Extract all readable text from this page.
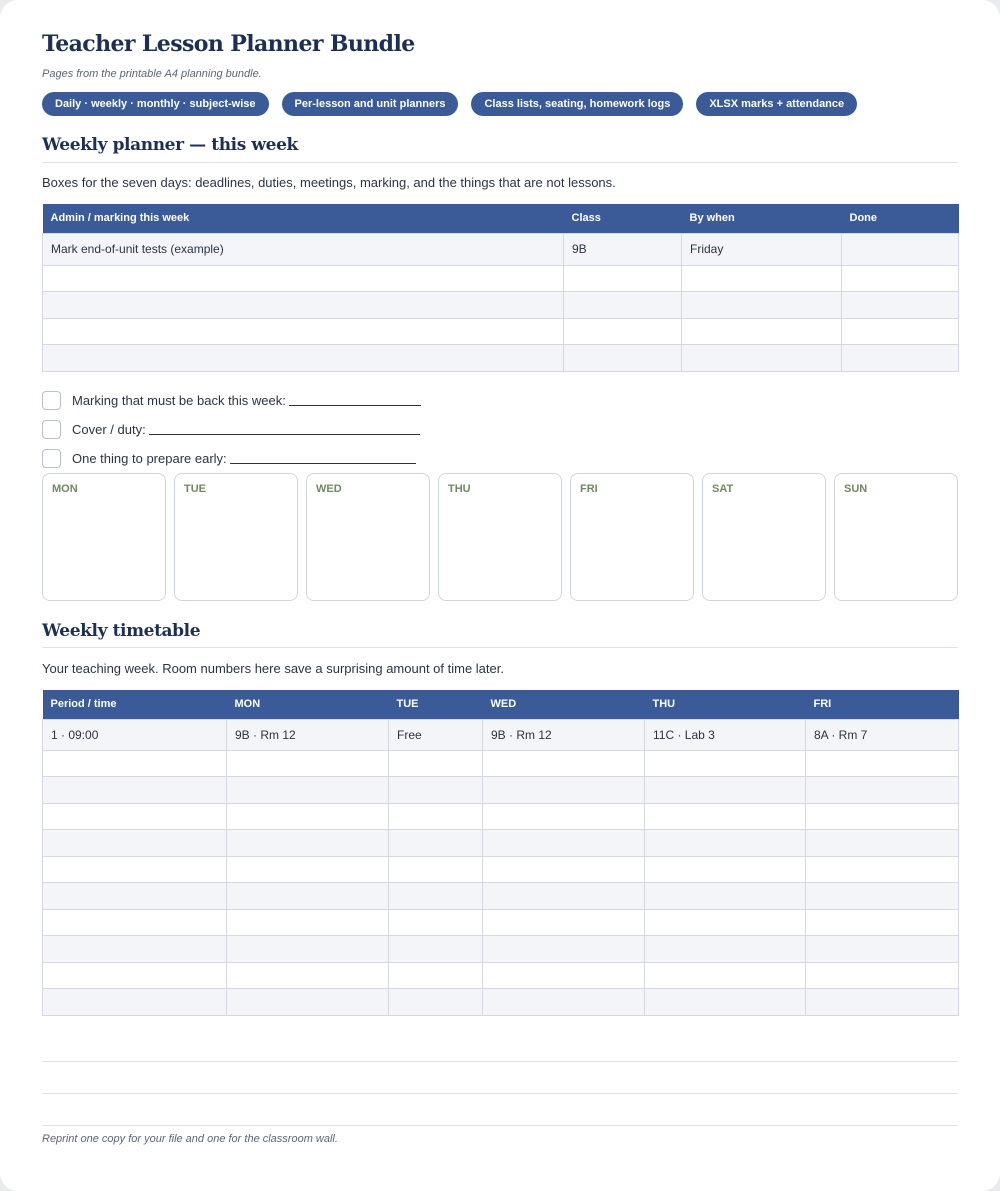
Teacher Lesson Planner Bundle
Pages from the printable A4 planning bundle.
Daily · weekly · monthly · subject-wise	Per-lesson and unit planners	Class lists, seating, homework logs	XLSX marks + attendance
Weekly planner — this week

Boxes for the seven days: deadlines, duties, meetings, marking, and the things that are not lessons.

Admin / marking this week	Class	By when	Done
Mark end-of-unit tests (example)	9B	Friday	

Marking that must be back this week:
Cover / duty:
One thing to prepare early:
MON	TUE	WED	THU	FRI	SAT	SUN
Weekly timetable

Your teaching week. Room numbers here save a surprising amount of time later.

Period / time	MON	TUE	WED	THU	FRI
1 · 09:00	9B · Rm 12	Free	9B · Rm 12	11C · Lab 3	8A · Rm 7

Reprint one copy for your file and one for the classroom wall.
